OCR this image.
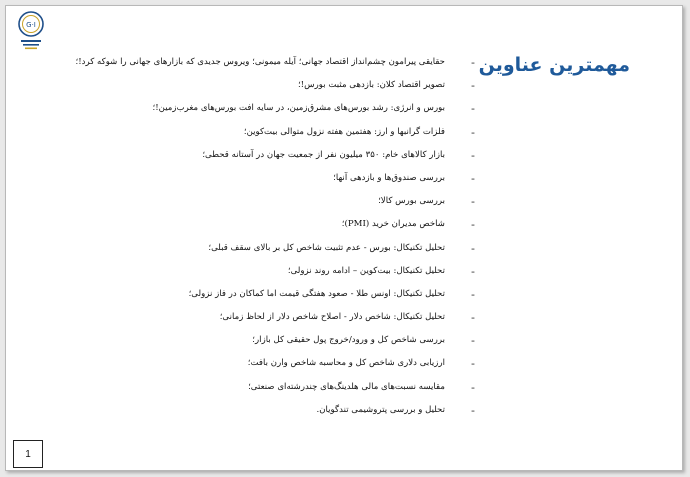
G·I
مهمترین عناوین
-
حقایقی پیرامون چشم‌انداز اقتصاد جهانی؛ آیله میمونی؛ ویروس جدیدی که بازارهای جهانی را شوکه کرد!؛
-
تصویر اقتصاد کلان: بازدهی مثبت بورس!؛
-
بورس و انرژی: رشد بورس‌های مشرق‌زمین، در سایه افت بورس‌های مغرب‌زمین!؛
-
فلزات گرانبها و ارز: هفتمین هفته نزول متوالی بیت‌کوین؛
-
بازار کالاهای خام: ۳۵۰ میلیون نفر از جمعیت جهان در آستانه قحطی؛
-
بررسی صندوق‌ها و بازدهی آنها؛
-
بررسی بورس کالا؛
-
شاخص مدیران خرید (PMI)؛
-
تحلیل تکنیکال: بورس - عدم تثبیت شاخص کل بر بالای سقف قبلی؛
-
تحلیل تکنیکال: بیت‌کوین – ادامه روند نزولی؛
-
تحلیل تکنیکال: اونس طلا - صعود هفتگی قیمت اما کماکان در فاز نزولی؛
-
تحلیل تکنیکال: شاخص دلار - اصلاح شاخص دلار از لحاظ زمانی؛
-
بررسی شاخص کل و ورود/خروج پول حقیقی کل بازار؛
-
ارزیابی دلاری شاخص کل و محاسبه شاخص وارن بافت؛
-
مقایسه نسبت‌های مالی هلدینگ‌های چندرشته‌ای صنعتی؛
-
تحلیل و بررسی پتروشیمی تندگویان.
1
